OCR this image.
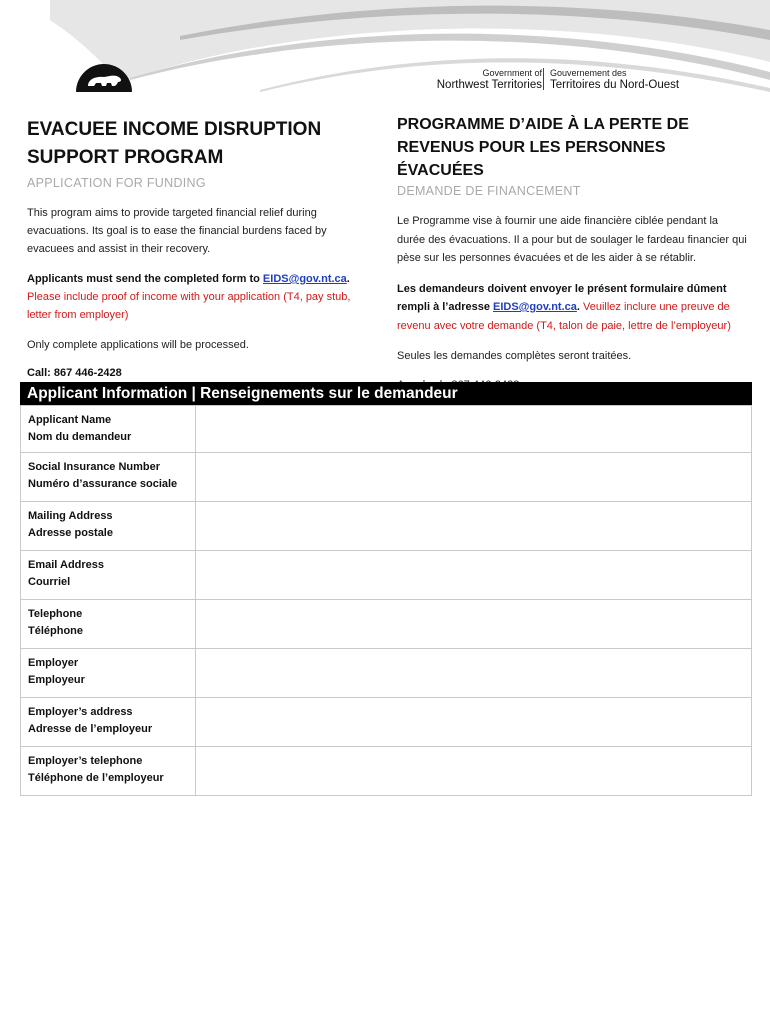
Government of Gouvernement des
Northwest Territories Territoires du Nord-Ouest
EVACUEE INCOME DISRUPTION
SUPPORT PROGRAM
APPLICATION FOR FUNDING

This program aims to provide targeted financial relief during evacuations. Its goal is to ease the financial burdens faced by evacuees and assist in their recovery.

Applicants must send the completed form to EIDS@gov.nt.ca. Please include proof of income with your application (T4, pay stub, letter from employer)

Only complete applications will be processed.

Call: 867 446-2428

PROGRAMME D’AIDE À LA PERTE DE
REVENUS POUR LES PERSONNES ÉVACUÉES
DEMANDE DE FINANCEMENT

Le Programme vise à fournir une aide financière ciblée pendant la durée des évacuations. Il a pour but de soulager le fardeau financier qui pèse sur les personnes évacuées et de les aider à se rétablir.

Les demandeurs doivent envoyer le présent formulaire dûment rempli à l’adresse EIDS@gov.nt.ca. Veuillez inclure une preuve de revenu avec votre demande (T4, talon de paie, lettre de l’employeur)

Seules les demandes complètes seront traitées.

Applicant Information | Renseignements sur le demandeur
Applicant Name
Nom du demandeur	

Social Insurance Number
Numéro d’assurance sociale	

Mailing Address
Adresse postale	

Email Address
Courriel	

Telephone
Téléphone	

Employer
Employeur	

Employer’s address
Adresse de l’employeur	

Employer’s telephone
Téléphone de l’employeur	
